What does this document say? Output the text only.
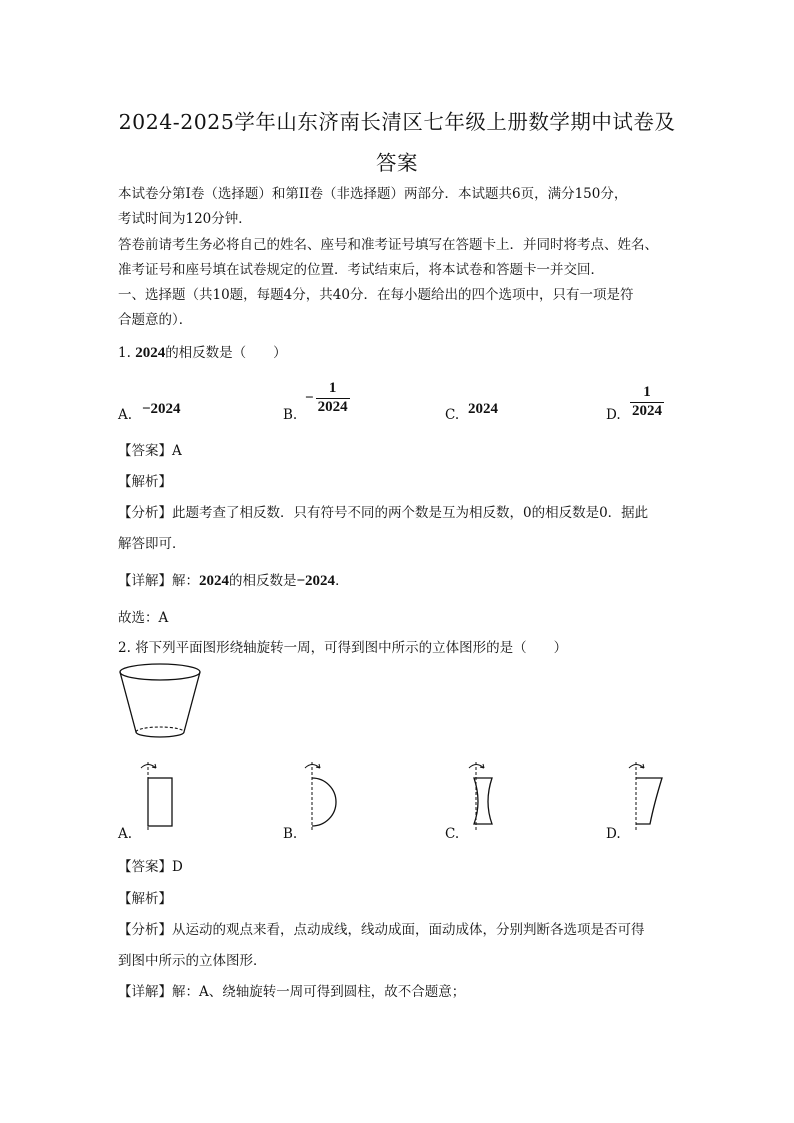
2024-2025学年山东济南长清区七年级上册数学期中试卷及
答案
本试卷分第I卷（选择题）和第II卷（非选择题）两部分．本试题共6页，满分150分，
考试时间为120分钟．
答卷前请考生务必将自己的姓名、座号和准考证号填写在答题卡上．并同时将考点、姓名、
准考证号和座号填在试卷规定的位置．考试结束后，将本试卷和答题卡一并交回．
一、选择题（共10题，每题4分，共40分．在每小题给出的四个选项中，只有一项是符
合题意的）．
1. 2024的相反数是（　　）
A. −2024	B.
− $\frac{1}{2024}$	C. 2024	D. $\frac{1}{2024}$
【答案】A
【解析】
【分析】此题考查了相反数．只有符号不同的两个数是互为相反数，0的相反数是0．据此
解答即可．
【详解】解：2024的相反数是−2024．
故选：A
2. 将下列平面图形绕轴旋转一周，可得到图中所示的立体图形的是（　　）
A.	B.	C.	D.
【答案】D
【解析】
【分析】从运动的观点来看，点动成线，线动成面，面动成体，分别判断各选项是否可得
到图中所示的立体图形．
【详解】解：A、绕轴旋转一周可得到圆柱，故不合题意；
